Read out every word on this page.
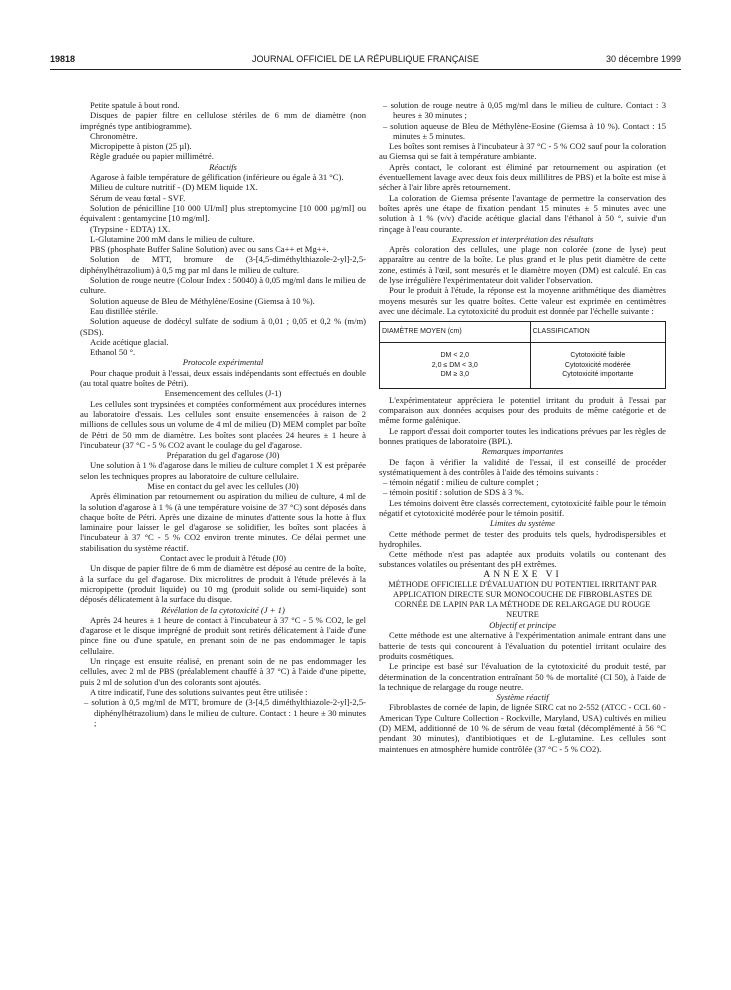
19818	JOURNAL OFFICIEL DE LA RÉPUBLIQUE FRANÇAISE	30 décembre 1999

Petite spatule à bout rond.

Disques de papier filtre en cellulose stériles de 6 mm de diamètre (non imprégnés type antibiogramme).

Chronomètre.

Micropipette à piston (25 µl).

Règle graduée ou papier millimétré.

Réactifs

Agarose à faible température de gélification (inférieure ou égale à 31 °C).

Milieu de culture nutritif - (D) MEM liquide 1X.

Sérum de veau fœtal - SVF.

Solution de pénicilline [10 000 UI/ml] plus streptomycine [10 000 µg/ml] ou équivalent : gentamycine [10 mg/ml].

(Trypsine - EDTA) 1X.

L-Glutamine 200 mM dans le milieu de culture.

PBS (phosphate Buffer Saline Solution) avec ou sans Ca++ et Mg++.

Solution de MTT, bromure de (3-[4,5-diméthylthiazole-2-yl]-2,5-diphénylhétrazolium) à 0,5 mg par ml dans le milieu de culture.

Solution de rouge neutre (Colour Index : 50040) à 0,05 mg/ml dans le milieu de culture.

Solution aqueuse de Bleu de Méthylène/Eosine (Giemsa à 10 %).

Eau distillée stérile.

Solution aqueuse de dodécyl sulfate de sodium à 0,01 ; 0,05 et 0,2 % (m/m) (SDS).

Acide acétique glacial.

Ethanol 50 °.

Protocole expérimental

Pour chaque produit à l'essai, deux essais indépendants sont effectués en double (au total quatre boîtes de Pétri).

Ensemencement des cellules (J-1)

Les cellules sont trypsinées et comptées conformément aux procédures internes au laboratoire d'essais. Les cellules sont ensuite ensemencées à raison de 2 millions de cellules sous un volume de 4 ml de milieu (D) MEM complet par boîte de Pétri de 50 mm de diamètre. Les boîtes sont placées 24 heures ± 1 heure à l'incubateur (37 °C - 5 % CO2 avant le coulage du gel d'agarose.

Préparation du gel d'agarose (J0)

Une solution à 1 % d'agarose dans le milieu de culture complet 1 X est préparée selon les techniques propres au laboratoire de culture cellulaire.

Mise en contact du gel avec les cellules (J0)

Après élimination par retournement ou aspiration du milieu de culture, 4 ml de la solution d'agarose à 1 % (à une température voisine de 37 °C) sont déposés dans chaque boîte de Pétri. Après une dizaine de minutes d'attente sous la hotte à flux laminaire pour laisser le gel d'agarose se solidifier, les boîtes sont placées à l'incubateur à 37 °C - 5 % CO2 environ trente minutes. Ce délai permet une stabilisation du système réactif.

Contact avec le produit à l'étude (J0)

Un disque de papier filtre de 6 mm de diamètre est déposé au centre de la boîte, à la surface du gel d'agarose. Dix microlitres de produit à l'étude prélevés à la micropipette (produit liquide) ou 10 mg (produit solide ou semi-liquide) sont déposés délicatement à la surface du disque.

Révélation de la cytotoxicité (J + 1)

Après 24 heures ± 1 heure de contact à l'incubateur à 37 °C - 5 % CO2, le gel d'agarose et le disque imprégné de produit sont retirés délicatement à l'aide d'une pince fine ou d'une spatule, en prenant soin de ne pas endommager le tapis cellulaire.

Un rinçage est ensuite réalisé, en prenant soin de ne pas endommager les cellules, avec 2 ml de PBS (préalablement chauffé à 37 °C) à l'aide d'une pipette, puis 2 ml de solution d'un des colorants sont ajoutés.

A titre indicatif, l'une des solutions suivantes peut être utilisée :

– solution à 0,5 mg/ml de MTT, bromure de (3-[4,5 diméthylthiazole-2-yl]-2,5-diphénylhétrazolium) dans le milieu de culture. Contact : 1 heure ± 30 minutes ;

– solution de rouge neutre à 0,05 mg/ml dans le milieu de culture. Contact : 3 heures ± 30 minutes ;

– solution aqueuse de Bleu de Méthylène-Eosine (Giemsa à 10 %). Contact : 15 minutes ± 5 minutes.

Les boîtes sont remises à l'incubateur à 37 °C - 5 % CO2 sauf pour la coloration au Giemsa qui se fait à température ambiante.

Après contact, le colorant est éliminé par retournement ou aspiration (et éventuellement lavage avec deux fois deux millilitres de PBS) et la boîte est mise à sécher à l'air libre après retournement.

La coloration de Giemsa présente l'avantage de permettre la conservation des boîtes après une étape de fixation pendant 15 minutes ± 5 minutes avec une solution à 1 % (v/v) d'acide acétique glacial dans l'éthanol à 50 °, suivie d'un rinçage à l'eau courante.

Expression et interprétation des résultats

Après coloration des cellules, une plage non colorée (zone de lyse) peut apparaître au centre de la boîte. Le plus grand et le plus petit diamètre de cette zone, estimés à l'œil, sont mesurés et le diamètre moyen (DM) est calculé. En cas de lyse irrégulière l'expérimentateur doit valider l'observation.

Pour le produit à l'étude, la réponse est la moyenne arithmétique des diamètres moyens mesurés sur les quatre boîtes. Cette valeur est exprimée en centimètres avec une décimale. La cytotoxicité du produit est donnée par l'échelle suivante :

DIAMÈTRE MOYEN (cm)	CLASSIFICATION
DM < 2,0	Cytotoxicité faible
2,0 ≤ DM < 3,0	Cytotoxicité modérée
DM ≥ 3,0	Cytotoxicité importante

L'expérimentateur appréciera le potentiel irritant du produit à l'essai par comparaison aux données acquises pour des produits de même catégorie et de même forme galénique.

Le rapport d'essai doit comporter toutes les indications prévues par les règles de bonnes pratiques de laboratoire (BPL).

Remarques importantes

De façon à vérifier la validité de l'essai, il est conseillé de procéder systématiquement à des contrôles à l'aide des témoins suivants :

– témoin négatif : milieu de culture complet ;

– témoin positif : solution de SDS à 3 %.

Les témoins doivent être classés correctement, cytotoxicité faible pour le témoin négatif et cytotoxicité modérée pour le témoin positif.

Limites du système

Cette méthode permet de tester des produits tels quels, hydrodispersibles et hydrophiles.

Cette méthode n'est pas adaptée aux produits volatils ou contenant des substances volatiles ou présentant des pH extrêmes.

ANNEXE VI

MÉTHODE OFFICIELLE D'ÉVALUATION DU POTENTIEL IRRITANT PAR APPLICATION DIRECTE SUR MONOCOUCHE DE FIBROBLASTES DE CORNÉE DE LAPIN PAR LA MÉTHODE DE RELARGAGE DU ROUGE NEUTRE

Objectif et principe

Cette méthode est une alternative à l'expérimentation animale entrant dans une batterie de tests qui concourent à l'évaluation du potentiel irritant oculaire des produits cosmétiques.

Le principe est basé sur l'évaluation de la cytotoxicité du produit testé, par détermination de la concentration entraînant 50 % de mortalité (CI 50), à l'aide de la technique de relargage du rouge neutre.

Système réactif

Fibroblastes de cornée de lapin, de lignée SIRC cat no 2-552 (ATCC - CCL 60 - American Type Culture Collection - Rockville, Maryland, USA) cultivés en milieu (D) MEM, additionné de 10 % de sérum de veau fœtal (décomplémenté à 56 °C pendant 30 minutes), d'antibiotiques et de L-glutamine. Les cellules sont maintenues en atmosphère humide contrôlée (37 °C - 5 % CO2).
